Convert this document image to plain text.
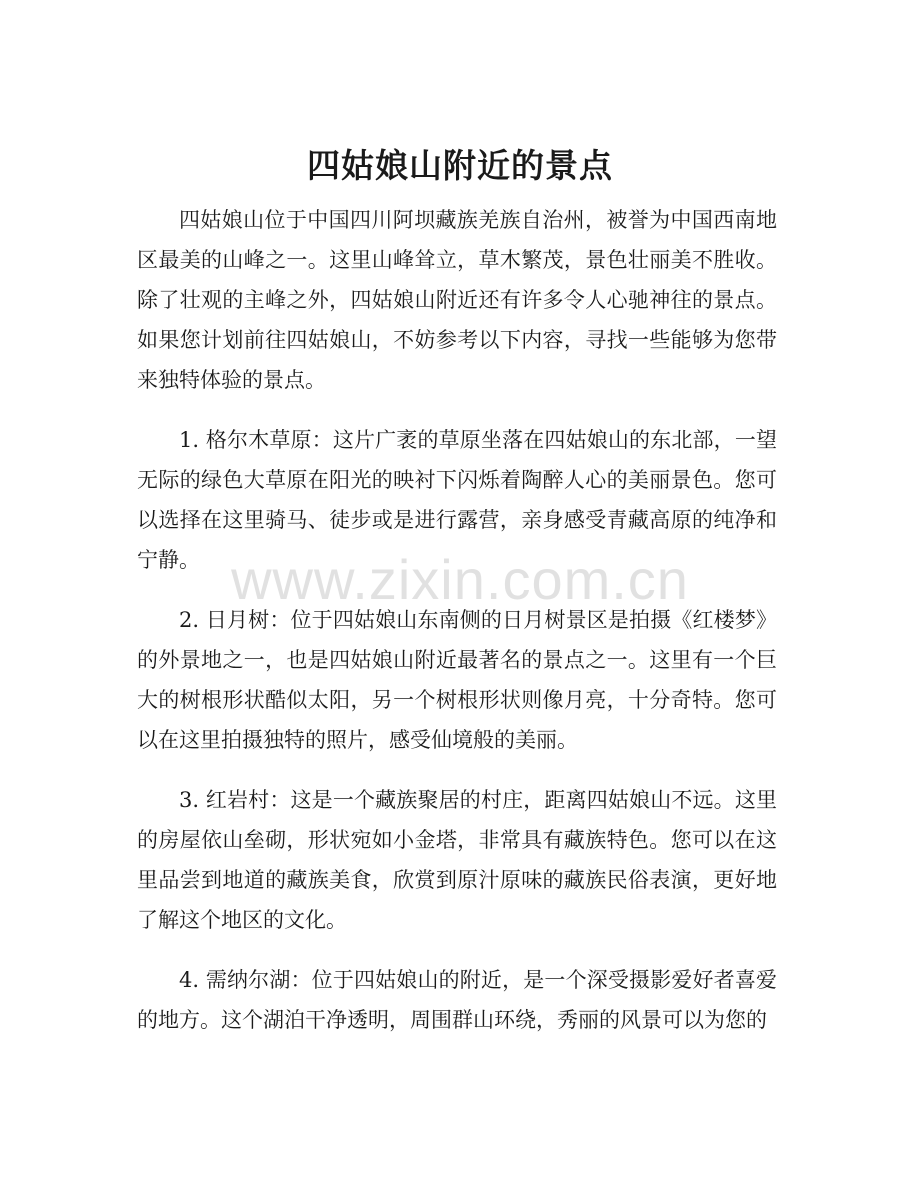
四姑娘山附近的景点

四姑娘山位于中国四川阿坝藏族羌族自治州，被誉为中国西南地区最美的山峰之一。这里山峰耸立，草木繁茂，景色壮丽美不胜收。除了壮观的主峰之外，四姑娘山附近还有许多令人心驰神往的景点。如果您计划前往四姑娘山，不妨参考以下内容，寻找一些能够为您带来独特体验的景点。

1. 格尔木草原：这片广袤的草原坐落在四姑娘山的东北部，一望无际的绿色大草原在阳光的映衬下闪烁着陶醉人心的美丽景色。您可以选择在这里骑马、徒步或是进行露营，亲身感受青藏高原的纯净和宁静。

2. 日月树：位于四姑娘山东南侧的日月树景区是拍摄《红楼梦》的外景地之一，也是四姑娘山附近最著名的景点之一。这里有一个巨大的树根形状酷似太阳，另一个树根形状则像月亮，十分奇特。您可以在这里拍摄独特的照片，感受仙境般的美丽。

3. 红岩村：这是一个藏族聚居的村庄，距离四姑娘山不远。这里的房屋依山垒砌，形状宛如小金塔，非常具有藏族特色。您可以在这里品尝到地道的藏族美食，欣赏到原汁原味的藏族民俗表演，更好地了解这个地区的文化。

4. 需纳尔湖：位于四姑娘山的附近，是一个深受摄影爱好者喜爱的地方。这个湖泊干净透明，周围群山环绕，秀丽的风景可以为您的

www.zixin.com.cn
